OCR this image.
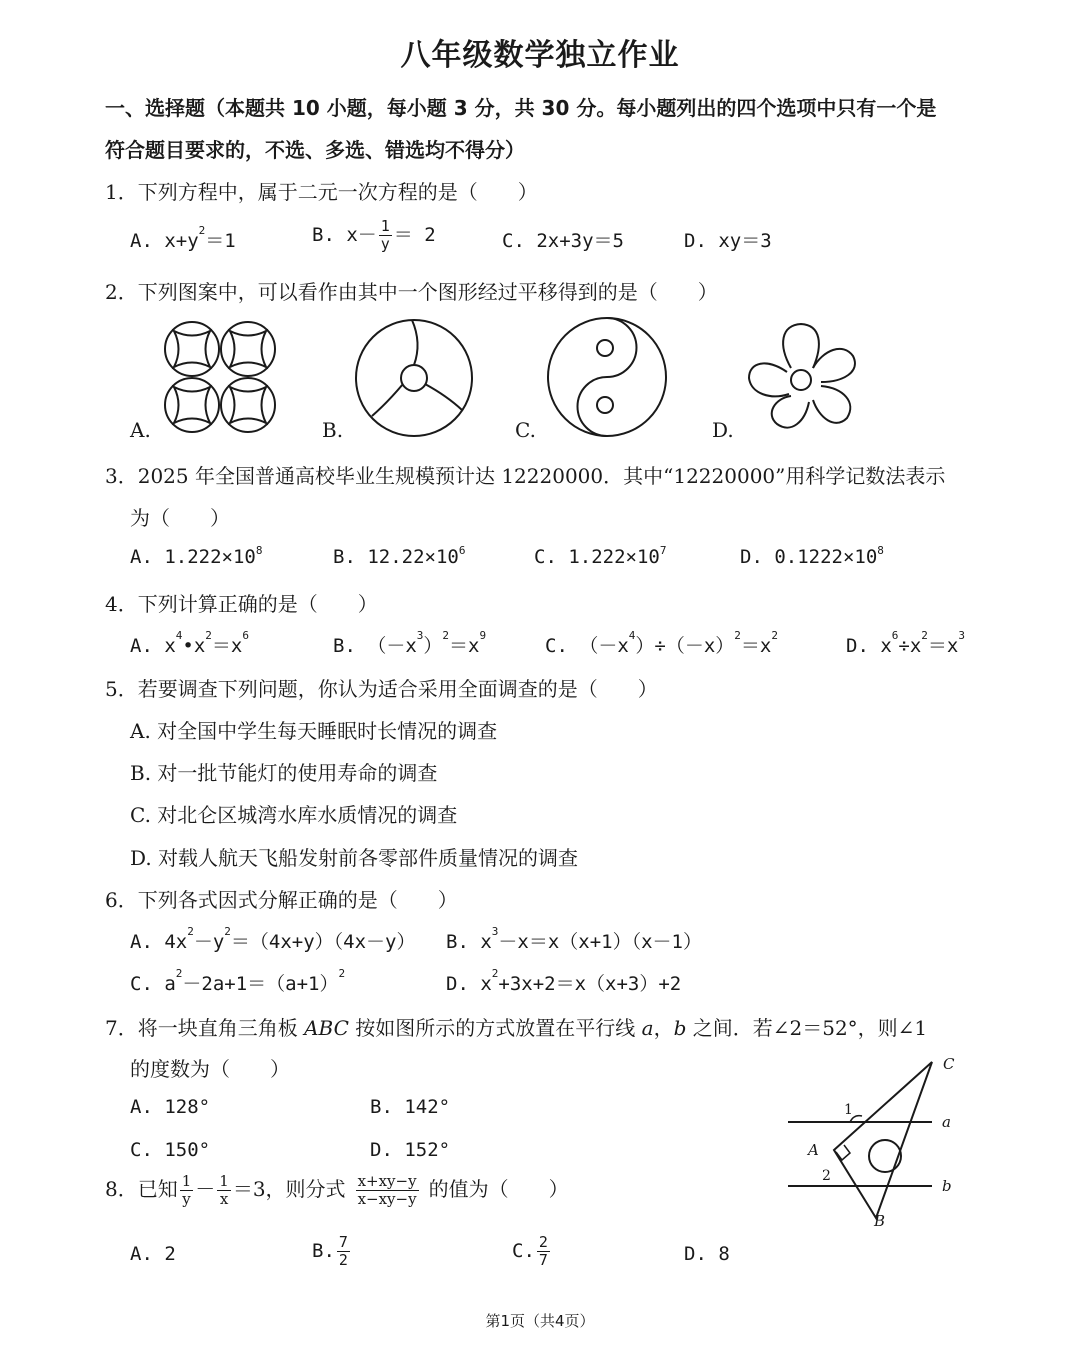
八年级数学独立作业
一、选择题（本题共 10 小题，每小题 3 分，共 30 分。每小题列出的四个选项中只有一个是
符合题目要求的，不选、多选、错选均不得分）
1．下列方程中，属于二元一次方程的是（　　）
A. $x+y^2=1$	B. $x- \frac{1}{y} = 2$	C. 2x+3y＝5	D. xy＝3
2．下列图案中，可以看作由其中一个图形经过平移得到的是（　　）
A.	B.	C.	D.
3．2025 年全国普通高校毕业生规模预计达 12220000．其中“12220000”用科学记数法表示
为（　　）
A. $1.222\times 10^8$	B. $12.22\times 10^6$	C. $1.222\times 10^7$	D. $0.1222\times 10^8$
4．下列计算正确的是（　　）
A. $x^4•x^2=x^6$	B. $(-x^3)^2=x^9$	C. $(-x^4)\div(-x)^2=x^2$	D. $x^6\div x^2=x^3$
5．若要调查下列问题，你认为适合采用全面调查的是（　　）
A. 对全国中学生每天睡眠时长情况的调查
B. 对一批节能灯的使用寿命的调查
C. 对北仑区城湾水库水质情况的调查
D. 对载人航天飞船发射前各零部件质量情况的调查
6．下列各式因式分解正确的是（　　）
A. $4x^2-y^2=(4x+y)(4x-y)$ B. $x^3-x=x(x+1)(x-1)$
C. $a^2-2a+1=(a+1)^2$	D. $x^2+3x+2=x(x+3)+2$
7．将一块直角三角板 ABC 按如图所示的方式放置在平行线 a，b 之间．若∠2＝52°，则∠1
的度数为（　　）
A. 128°	B. 142°
C. 150°	D. 152°
C
A
B
a
b
1
2
8．已知 $\frac{1}{y} - \frac{1}{x} =3$，则分式 $\frac{x+xy-y}{x-xy-y}$ 的值为（　　）
A. 2	B. $\frac{7}{2}$	C. $\frac{2}{7}$	D. 8
第1页（共4页）
